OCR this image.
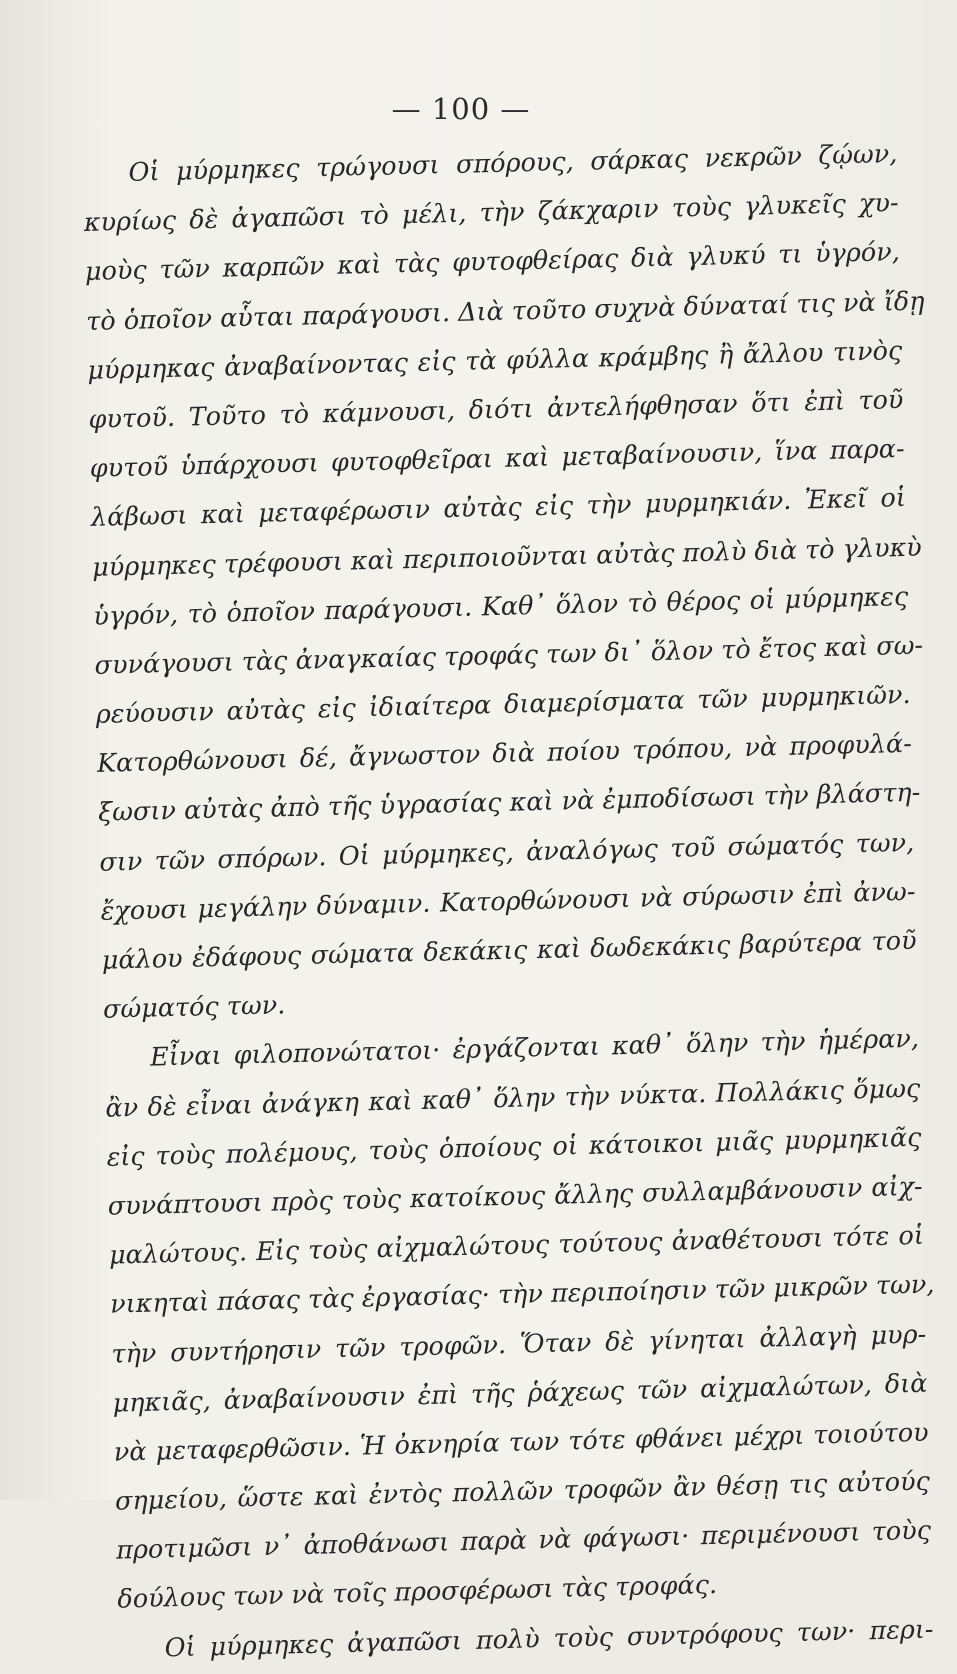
— 100 —
Οἱ μύρμηκες τρώγουσι σπόρους, σάρκας νεκρῶν ζῴων,
κυρίως δὲ ἀγαπῶσι τὸ μέλι, τὴν ζάκχαριν τοὺς γλυκεῖς χυ-
μοὺς τῶν καρπῶν καὶ τὰς φυτοφθείρας διὰ γλυκύ τι ὑγρόν,
τὸ ὁποῖον αὗται παράγουσι. Διὰ τοῦτο συχνὰ δύναταί τις νὰ ἴδῃ
μύρμηκας ἀναβαίνοντας εἰς τὰ φύλλα κράμβης ἢ ἄλλου τινὸς
φυτοῦ. Τοῦτο τὸ κάμνουσι, διότι ἀντελήφθησαν ὅτι ἐπὶ τοῦ
φυτοῦ ὑπάρχουσι φυτοφθεῖραι καὶ μεταβαίνουσιν, ἵνα παρα-
λάβωσι καὶ μεταφέρωσιν αὐτὰς εἰς τὴν μυρμηκιάν. Ἐκεῖ οἱ
μύρμηκες τρέφουσι καὶ περιποιοῦνται αὐτὰς πολὺ διὰ τὸ γλυκὺ
ὑγρόν, τὸ ὁποῖον παράγουσι. Καθ᾽ ὅλον τὸ θέρος οἱ μύρμηκες
συνάγουσι τὰς ἀναγκαίας τροφάς των δι᾽ ὅλον τὸ ἔτος καὶ σω-
ρεύουσιν αὐτὰς εἰς ἰδιαίτερα διαμερίσματα τῶν μυρμηκιῶν.
Κατορθώνουσι δέ, ἄγνωστον διὰ ποίου τρόπου, νὰ προφυλά-
ξωσιν αὐτὰς ἀπὸ τῆς ὑγρασίας καὶ νὰ ἐμποδίσωσι τὴν βλάστη-
σιν τῶν σπόρων. Οἱ μύρμηκες, ἀναλόγως τοῦ σώματός των,
ἔχουσι μεγάλην δύναμιν. Κατορθώνουσι νὰ σύρωσιν ἐπὶ ἀνω-
μάλου ἐδάφους σώματα δεκάκις καὶ δωδεκάκις βαρύτερα τοῦ
σώματός των.
Εἶναι φιλοπονώτατοι· ἐργάζονται καθ᾽ ὅλην τὴν ἡμέραν,
ἂν δὲ εἶναι ἀνάγκη καὶ καθ᾽ ὅλην τὴν νύκτα. Πολλάκις ὅμως
εἰς τοὺς πολέμους, τοὺς ὁποίους οἱ κάτοικοι μιᾶς μυρμηκιᾶς
συνάπτουσι πρὸς τοὺς κατοίκους ἄλλης συλλαμβάνουσιν αἰχ-
μαλώτους. Εἰς τοὺς αἰχμαλώτους τούτους ἀναθέτουσι τότε οἱ
νικηταὶ πάσας τὰς ἐργασίας· τὴν περιποίησιν τῶν μικρῶν των,
τὴν συντήρησιν τῶν τροφῶν. Ὅταν δὲ γίνηται ἀλλαγὴ μυρ-
μηκιᾶς, ἀναβαίνουσιν ἐπὶ τῆς ῥάχεως τῶν αἰχμαλώτων, διὰ
νὰ μεταφερθῶσιν. Ἡ ὀκνηρία των τότε φθάνει μέχρι τοιούτου
σημείου, ὥστε καὶ ἐντὸς πολλῶν τροφῶν ἂν θέσῃ τις αὐτούς
προτιμῶσι ν᾽ ἀποθάνωσι παρὰ νὰ φάγωσι· περιμένουσι τοὺς
δούλους των νὰ τοῖς προσφέρωσι τὰς τροφάς.
Οἱ μύρμηκες ἀγαπῶσι πολὺ τοὺς συντρόφους των· περι-
